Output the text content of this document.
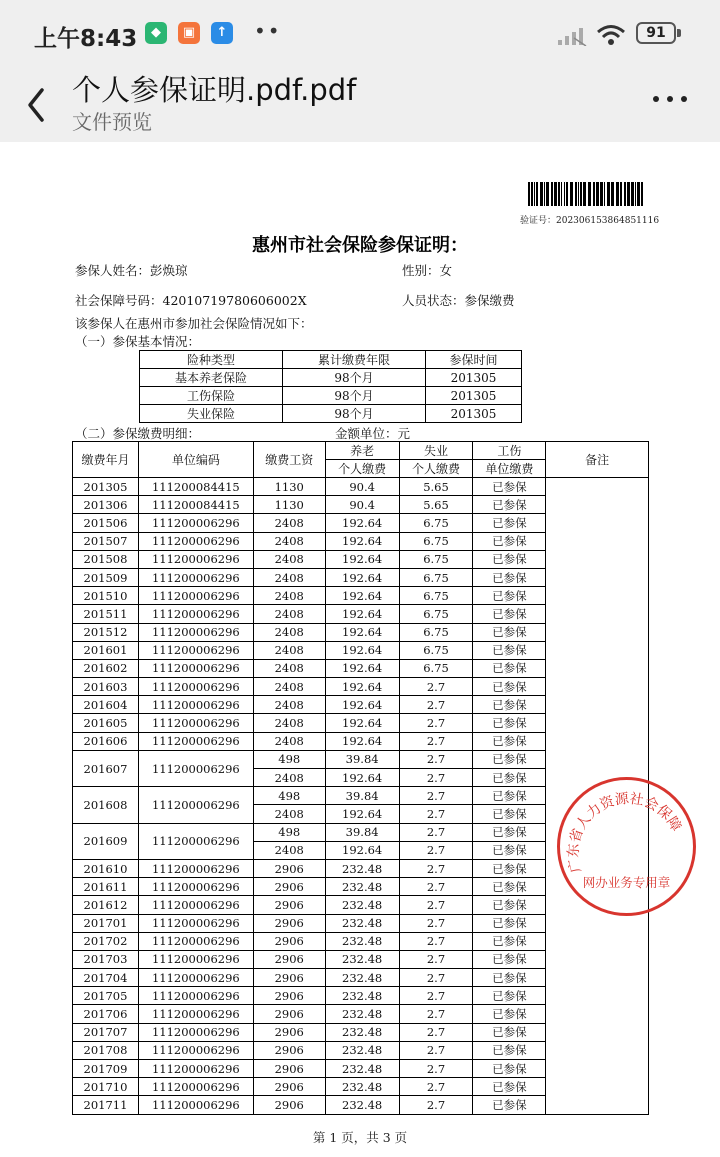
上午8:43	◆	▣	↑ ••	91
个人参保证明.pdf.pdf
文件预览
验证号：20230615386485111​6
惠州市社会保险参保证明：
参保人姓名：彭焕琼	性别：女
社会保障号码：42010719780606002X	人员状态：参保缴费
该参保人在惠州市参加社会保险情况如下：
（一）参保基本情况：
险种类型	累计缴费年限	参保时间
基本养老保险	98个月	201305
工伤保险	98个月	201305
失业保险	98个月	201305
（二）参保缴费明细：	金额单位：元
缴费年月	单位编码	缴费工资	养老	失业	工伤	备注
			个人缴费	个人缴费	单位缴费	
201305	111200084415	1130	90.4	5.65	已参保	
201306	111200084415	1130	90.4	5.65	已参保	
201506	111200006296	2408	192.64	6.75	已参保	
201507	111200006296	2408	192.64	6.75	已参保	
201508	111200006296	2408	192.64	6.75	已参保	
201509	111200006296	2408	192.64	6.75	已参保	
201510	111200006296	2408	192.64	6.75	已参保	
201511	111200006296	2408	192.64	6.75	已参保	
201512	111200006296	2408	192.64	6.75	已参保	
201601	111200006296	2408	192.64	6.75	已参保	
201602	111200006296	2408	192.64	6.75	已参保	
201603	111200006296	2408	192.64	2.7	已参保	
201604	111200006296	2408	192.64	2.7	已参保	
201605	111200006296	2408	192.64	2.7	已参保	
201606	111200006296	2408	192.64	2.7	已参保	
201607	111200006296	498	39.84	2.7	已参保	
		2408	192.64	2.7	已参保	
201608	111200006296	498	39.84	2.7	已参保	
		2408	192.64	2.7	已参保	
201609	111200006296	498	39.84	2.7	已参保	
		2408	192.64	2.7	已参保	
201610	111200006296	2906	232.48	2.7	已参保	
201611	111200006296	2906	232.48	2.7	已参保	
201612	111200006296	2906	232.48	2.7	已参保	
201701	111200006296	2906	232.48	2.7	已参保	
201702	111200006296	2906	232.48	2.7	已参保	
201703	111200006296	2906	232.48	2.7	已参保	
201704	111200006296	2906	232.48	2.7	已参保	
201705	111200006296	2906	232.48	2.7	已参保	
201706	111200006296	2906	232.48	2.7	已参保	
201707	111200006296	2906	232.48	2.7	已参保	
201708	111200006296	2906	232.48	2.7	已参保	
201709	111200006296	2906	232.48	2.7	已参保	
201710	111200006296	2906	232.48	2.7	已参保	
201711	111200006296	2906	232.48	2.7	已参保	
广东省人力资源社会保障
网办业务专用章
第 1 页，共 3 页
